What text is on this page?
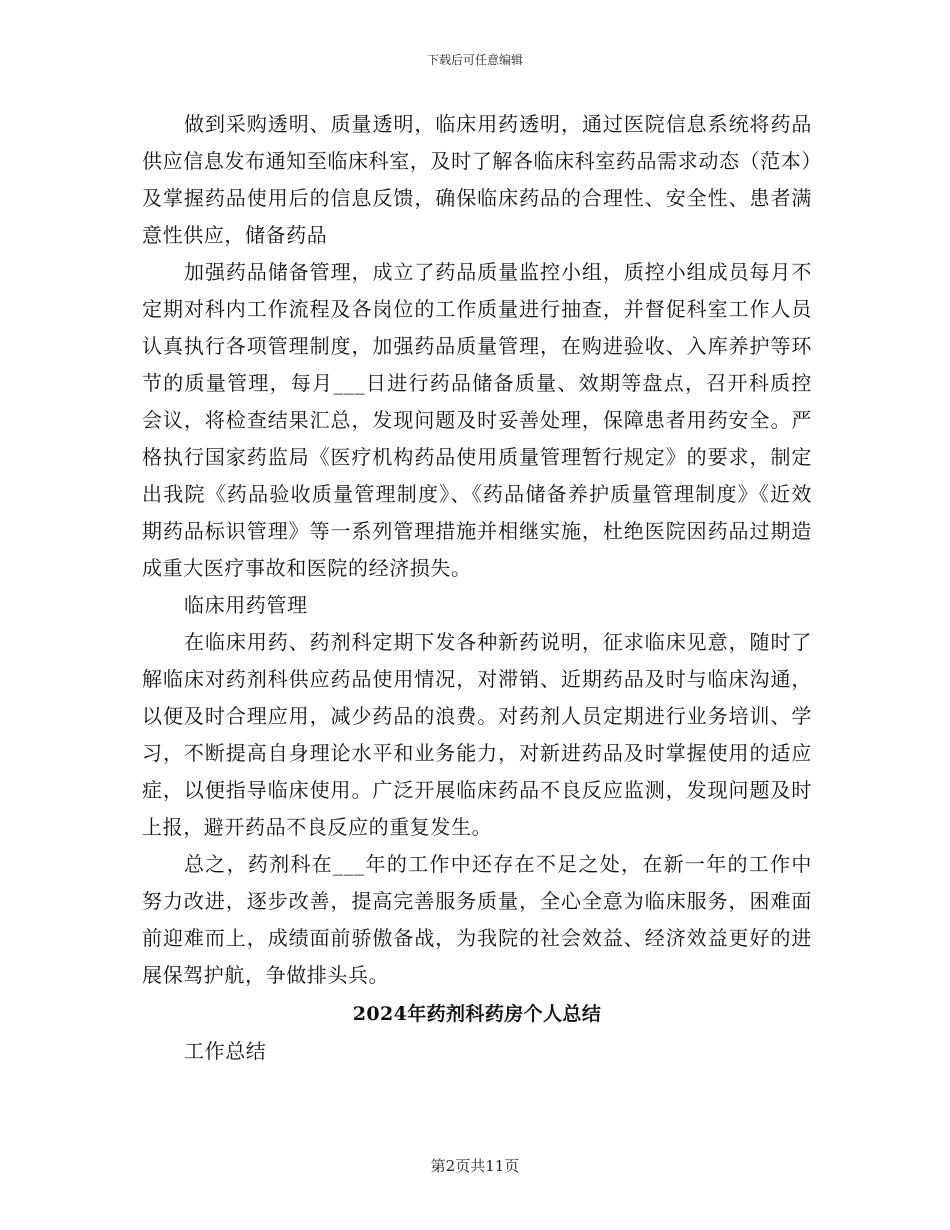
下载后可任意编辑

做到采购透明、质量透明，临床用药透明，通过医院信息系统将药品供应信息发布通知至临床科室，及时了解各临床科室药品需求动态（范本）及掌握药品使用后的信息反馈，确保临床药品的合理性、安全性、患者满意性供应，储备药品

加强药品储备管理，成立了药品质量监控小组，质控小组成员每月不定期对科内工作流程及各岗位的工作质量进行抽查，并督促科室工作人员认真执行各项管理制度，加强药品质量管理，在购进验收、入库养护等环节的质量管理，每月___日进行药品储备质量、效期等盘点，召开科质控会议，将检查结果汇总，发现问题及时妥善处理，保障患者用药安全。严格执行国家药监局《医疗机构药品使用质量管理暂行规定》的要求，制定出我院《药品验收质量管理制度》、《药品储备养护质量管理制度》《近效期药品标识管理》等一系列管理措施并相继实施，杜绝医院因药品过期造成重大医疗事故和医院的经济损失。

临床用药管理

在临床用药、药剂科定期下发各种新药说明，征求临床见意，随时了解临床对药剂科供应药品使用情况，对滞销、近期药品及时与临床沟通，以便及时合理应用，减少药品的浪费。对药剂人员定期进行业务培训、学习，不断提高自身理论水平和业务能力，对新进药品及时掌握使用的适应症，以便指导临床使用。广泛开展临床药品不良反应监测，发现问题及时上报，避开药品不良反应的重复发生。

总之，药剂科在___年的工作中还存在不足之处，在新一年的工作中努力改进，逐步改善，提高完善服务质量，全心全意为临床服务，困难面前迎难而上，成绩面前骄傲备战，为我院的社会效益、经济效益更好的进展保驾护航，争做排头兵。

2024年药剂科药房个人总结

工作总结

第2页共11页
